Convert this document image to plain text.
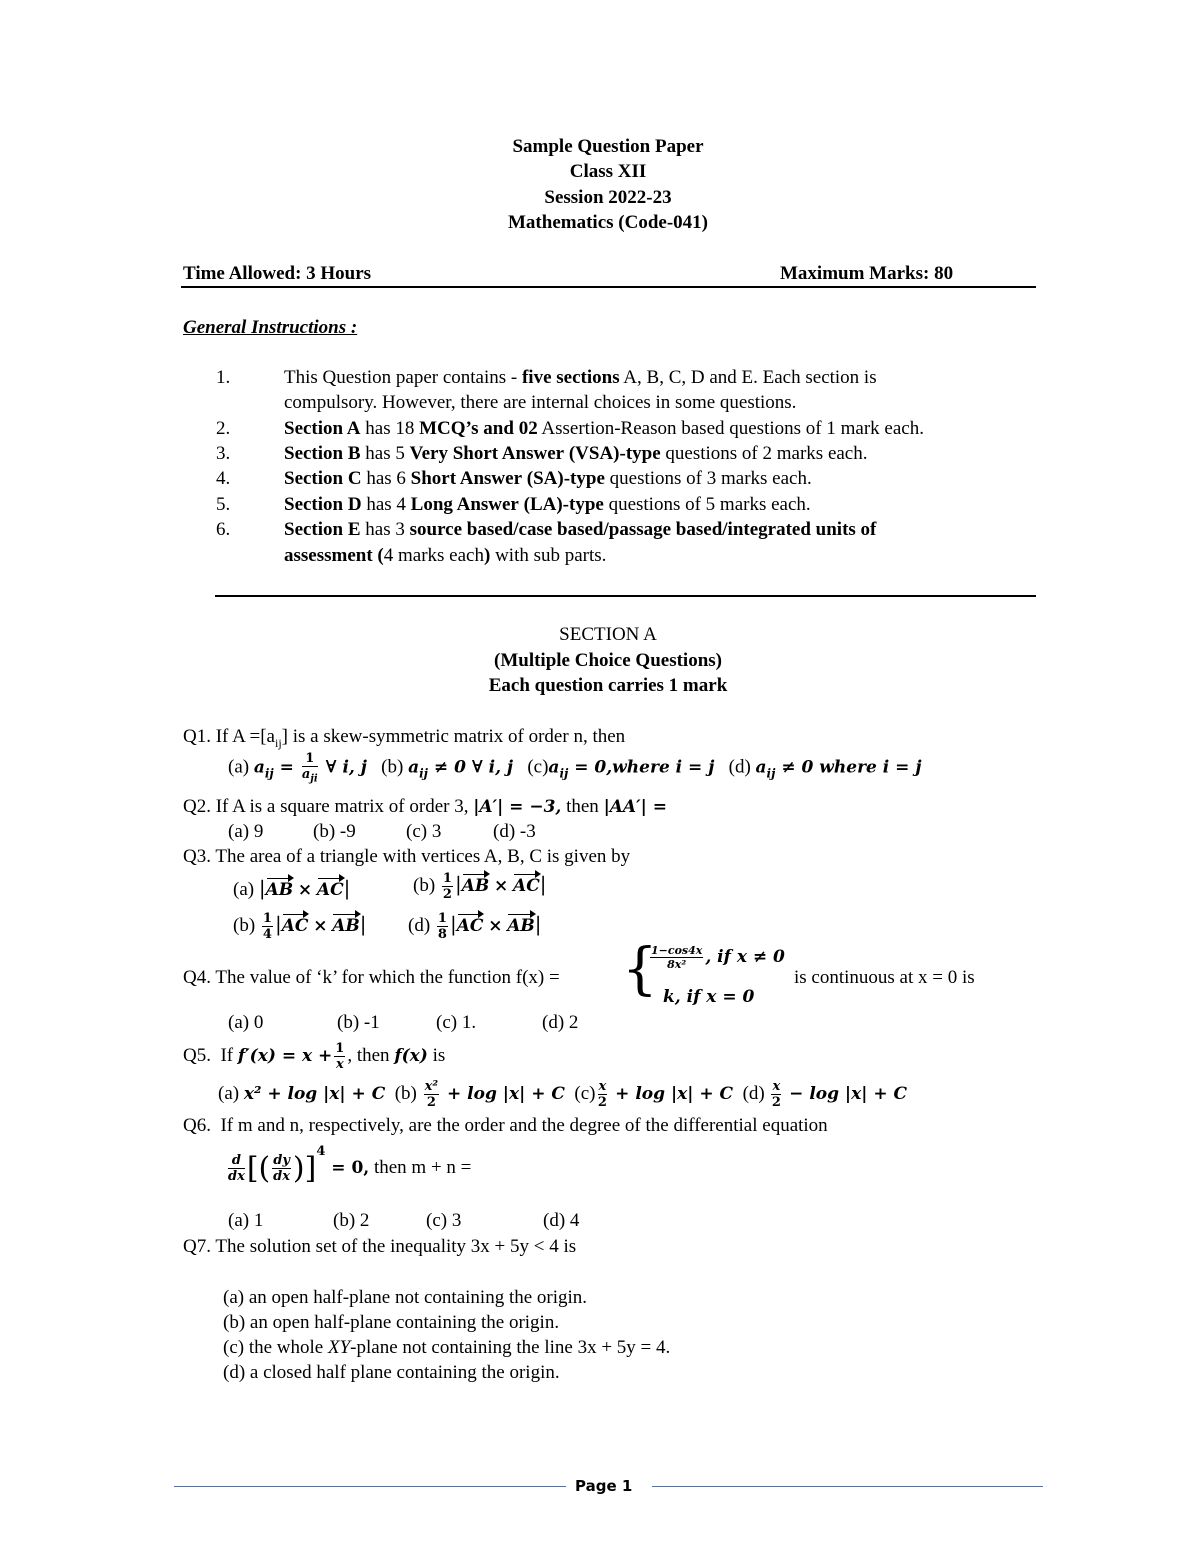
Sample Question Paper
Class XII
Session 2022-23
Mathematics (Code-041)
Time Allowed: 3 Hours	Maximum Marks: 80
General Instructions :
1.	This Question paper contains - five sections A, B, C, D and E. Each section is
compulsory. However, there are internal choices in some questions.
2.	Section A has 18 MCQ’s and 02 Assertion-Reason based questions of 1 mark each.
3.	Section B has 5 Very Short Answer (VSA)-type questions of 2 marks each.
4.	Section C has 6 Short Answer (SA)-type questions of 3 marks each.
5.	Section D has 4 Long Answer (LA)-type questions of 5 marks each.
6.	Section E has 3 source based/case based/passage based/integrated units of
assessment (4 marks each) with sub parts.
SECTION A
(Multiple Choice Questions)
Each question carries 1 mark
Q1. If $A =[a_{ij}]$ is a skew-symmetric matrix of order n, then
(a) $a_{ij} = \frac{1}{a_{ji}}$ ∀ i, j (b) $a_{ij} \ne 0$ ∀ i, j $(c)a_{ij}$ = 0,where i = j (d) $a_{ij} \ne 0$ where i = j
Q2. If A is a square matrix of order 3, |A′| = −3, then |AA′| =
(a) 9	(b) -9	(c) 3	(d) -3
Q3. The area of a triangle with vertices A, B, C is given by
(a) |AB × AC|	$(b) \frac{1}{2} |AB \times AC|$
$(b) \frac{1}{4} |AC \times AB|$ $(d) \frac{1}{8} |AC \times AB|$
Q4. The value of ‘k’ for which the function f(x) = {
$\frac{1-\cos 4x}{\text{8x²}}$ , if x ≠ 0
k, if x = 0
is continuous at x = 0 is
(a) 0	(b) -1	(c) 1.	(d) 2
Q5. If $f'(x) = x + \frac{1}{x}$ , then f(x) is
(a) x² + log |x| + C $(b) \frac{\text{x²}}{2} + \log |x| + C$ $(c) \frac{x}{2} + \log |x| + C$ $(d) \frac{x}{2} - \log |x| + C$
Q6. If m and n, respectively, are the order and the degree of the differential equation
$\frac{d}{dx}$ [( $\frac{dy}{dx} )]^4 = 0$, then m + n =
(a) 1	(b) 2	(c) 3	(d) 4
Q7. The solution set of the inequality 3x + 5y < 4 is
(a) an open half-plane not containing the origin.
(b) an open half-plane containing the origin.
(c) the whole XY-plane not containing the line 3x + 5y = 4.
(d) a closed half plane containing the origin.
Page 1
